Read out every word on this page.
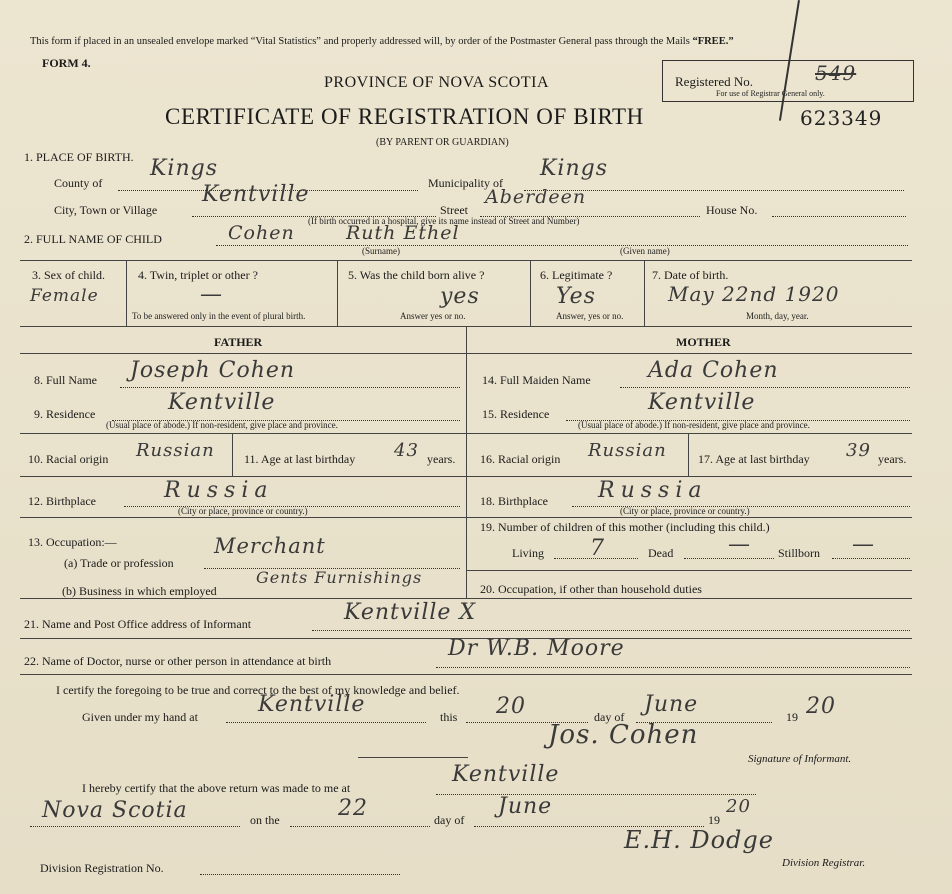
This form if placed in an unsealed envelope marked “Vital Statistics” and properly addressed will, by order of the Postmaster General pass through the Mails “FREE.”
FORM 4.
PROVINCE OF NOVA SCOTIA
CERTIFICATE OF REGISTRATION OF BIRTH
(BY PARENT OR GUARDIAN)
Registered No.	549
For use of Registrar General only.
623349
1. PLACE OF BIRTH.
County of
Kings
Municipality of
Kings
City, Town or Village
Kentville
Street
Aberdeen
House No.
(If birth occurred in a hospital, give its name instead of Street and Number)
2. FULL NAME OF CHILD	Cohen	Ruth Ethel
(Surname)	(Given name)
3. Sex of child.
Female
4. Twin, triplet or other ?
—
To be answered only in the event of plural birth.
5. Was the child born alive ?
yes
Answer yes or no.
6. Legitimate ?
Yes
Answer, yes or no.
7. Date of birth.
May 22nd 1920
Month, day, year.
FATHER	MOTHER
8. Full Name Joseph Cohen
9. Residence	Kentville
(Usual place of abode.) If non-resident, give place and province.
10. Racial origin Russian 11. Age at last birthday 43 years.
12. Birthplace	Russia
(City or place, province or country.)
13. Occupation:—
(a) Trade or profession
Merchant
(b) Business in which employed
Gents Furnishings
14. Full Maiden Name	Ada Cohen
15. Residence	Kentville
(Usual place of abode.) If non-resident, give place and province.
16. Racial origin Russian	17. Age at last birthday 39 years.
18. Birthplace Russia
(City or place, province or country.)
19. Number of children of this mother (including this child.)
Living 7	Dead — Stillborn —
20. Occupation, if other than household duties
21. Name and Post Office address of Informant	Kentville X
22. Name of Doctor, nurse or other person in attendance at birth	Dr W.B. Moore
I certify the foregoing to be true and correct to the best of my knowledge and belief.
Given under my hand at	Kentville	this 20	day of June	19 20
Jos. Cohen
Signature of Informant.
I hereby certify that the above return was made to me at
Kentville
Nova Scotia	on the	22	day of
June
19
20
E.H. Dodge
Division Registrar.
Division Registration No.
